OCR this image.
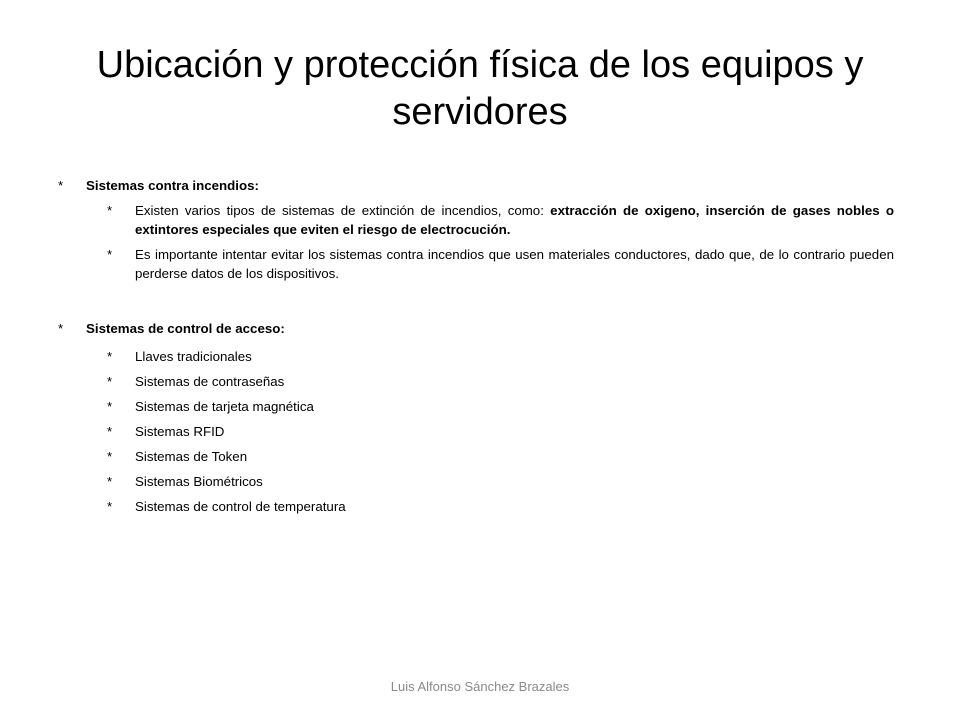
Ubicación y protección física de los equipos y servidores

* Sistemas contra incendios:

* Existen varios tipos de sistemas de extinción de incendios, como: extracción de oxigeno, inserción de gases nobles o extintores especiales que eviten el riesgo de electrocución.

* Es importante intentar evitar los sistemas contra incendios que usen materiales conductores, dado que, de lo contrario pueden perderse datos de los dispositivos.

* Sistemas de control de acceso:

* Llaves tradicionales

* Sistemas de contraseñas

* Sistemas de tarjeta magnética

* Sistemas RFID

* Sistemas de Token

* Sistemas Biométricos

* Sistemas de control de temperatura

Luis Alfonso Sánchez Brazales
